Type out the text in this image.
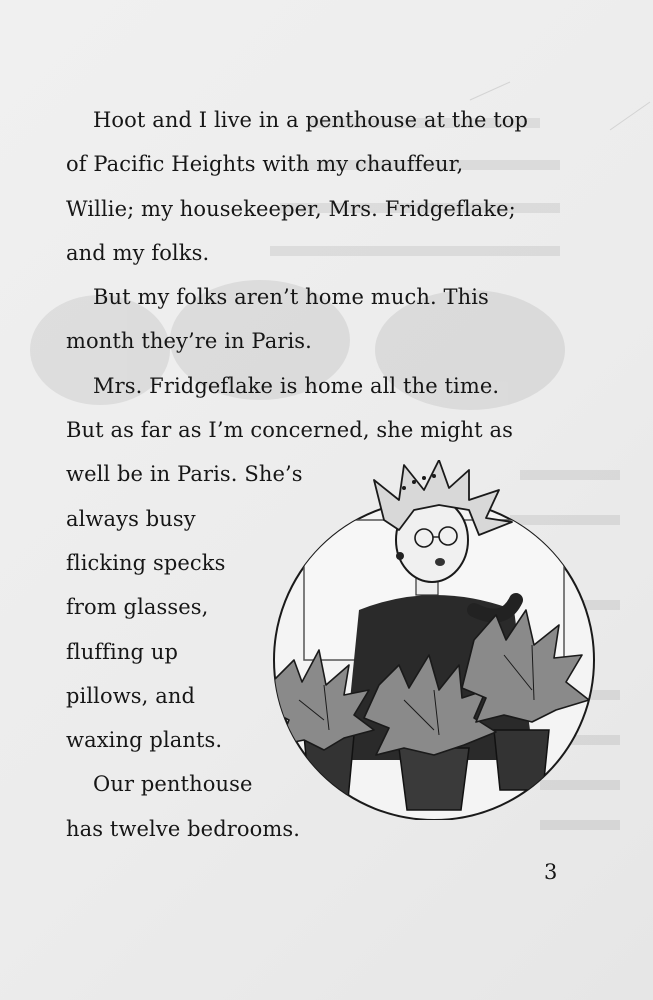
Hoot and I live in a penthouse at the top
of Pacific Heights with my chauffeur,
Willie; my housekeeper, Mrs. Fridgeflake;
and my folks.
But my folks aren’t home much. This
month they’re in Paris.
Mrs. Fridgeflake is home all the time.
But as far as I’m concerned, she might as
well be in Paris. She’s
always busy
flicking specks
from glasses,
fluffing up
pillows, and
waxing plants.
Our penthouse
has twelve bedrooms.
3
